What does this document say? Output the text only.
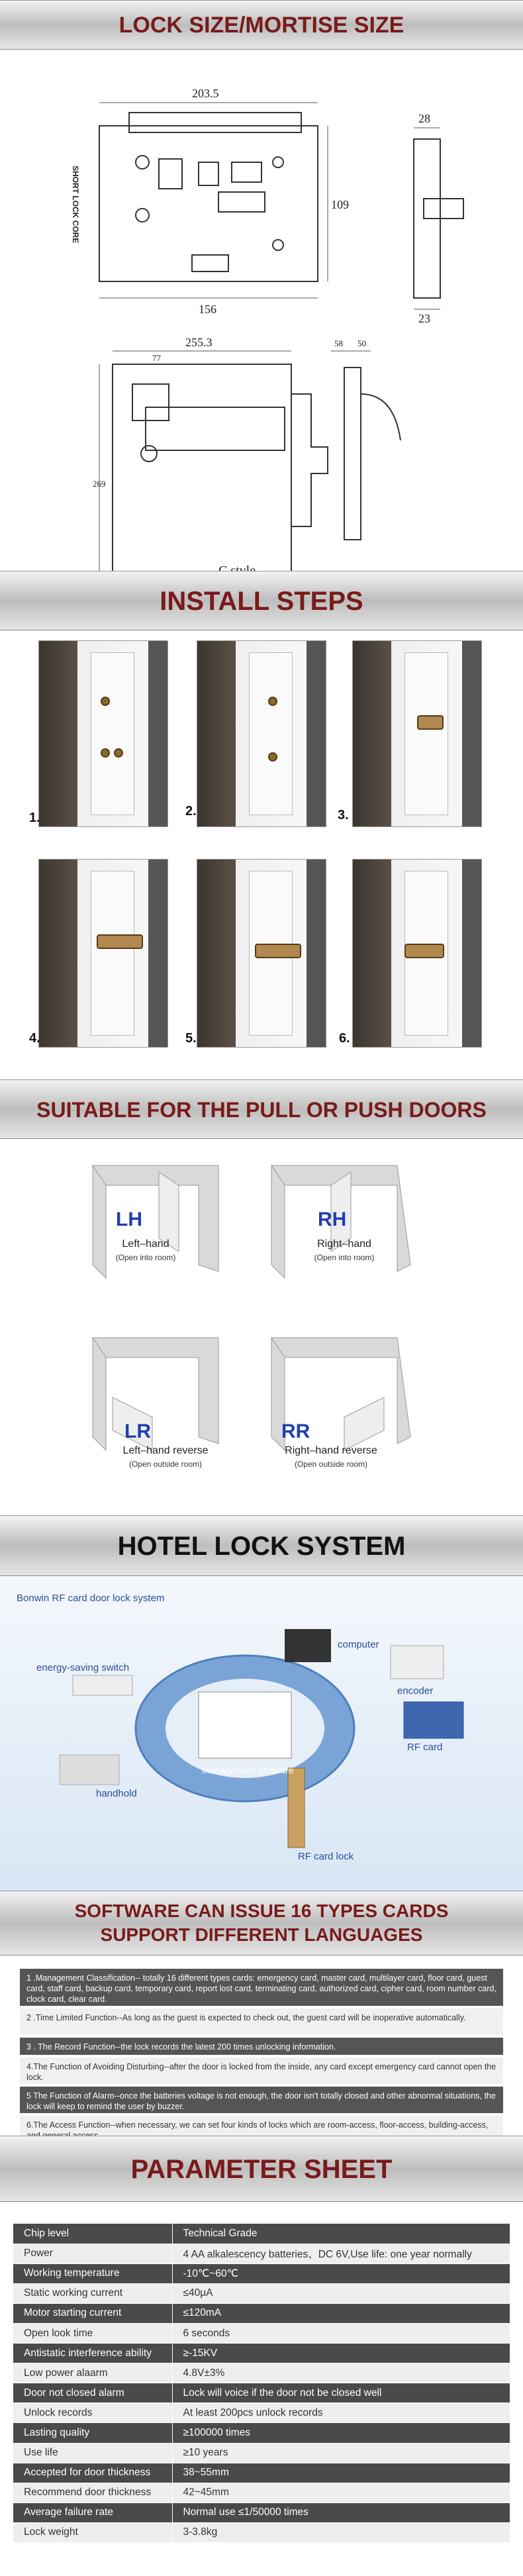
LOCK SIZE/MORTISE SIZE
203.5
156
109
28
23
255.3
77
58 50
269
SHORT LOCK CORE
INSTALL STEPS
1.	2.	3.
4.	5.	6.
SUITABLE FOR THE PULL OR PUSH DOORS
LH
Left–hand
(Open into room)
RH
Right–hand
(Open into room)
LR
Left–hand reverse
(Open outside room)
RR
Right–hand reverse
(Open outside room)
HOTEL LOCK SYSTEM
Bonwin RF card door lock system
computer
encoder
energy-saving switch
handhold
Management software
RF card
RF card lock
SOFTWARE CAN ISSUE 16 TYPES CARDS
SUPPORT DIFFERENT LANGUAGES
1 .Management Classification-- totally 16 different types cards: emergency card, master card, multilayer card, floor card, guest card, staff card, backup card, temporary card, report lost card, terminating card, authorized card, cipher card, room number card, clock card, clear card.
2 .Time Limited Function--As long as the guest is expected to check out, the guest card will be inoperative automatically.
3 . The Record Function--the lock records the latest 200 times unlocking information.
4.The Function of Avoiding Disturbing--after the door is locked from the inside, any card except emergency card cannot open the lock.
5 The Function of Alarm--once the batteries voltage is not enough, the door isn't totally closed and other abnormal situations, the lock will keep to remind the user by buzzer.
6.The Access Function--when necessary, we can set four kinds of locks which are room-access, floor-access, building-access,
PARAMETER SHEET
Chip level	Technical Grade
Power	4 AA alkalescency batteries、DC 6V,Use life: one year normally
Working temperature	-10℃~60℃
Static working current	≤40μA
Motor starting current	≤120mA
Open look time	6 seconds
Antistatic interference ability	≥-15KV
Low power alaarm	4.8V±3%
Door not closed alarm	Lock will voice if the door not be closed well
Unlock records	At least 200pcs unlock records
Lasting quality	≥100000 times
Use life	≥10 years
Accepted for door thickness	38~55mm
Recommend door thickness	42~45mm
Average failure rate	Normal use ≤1/50000 times
Lock weight	3-3.8kg
